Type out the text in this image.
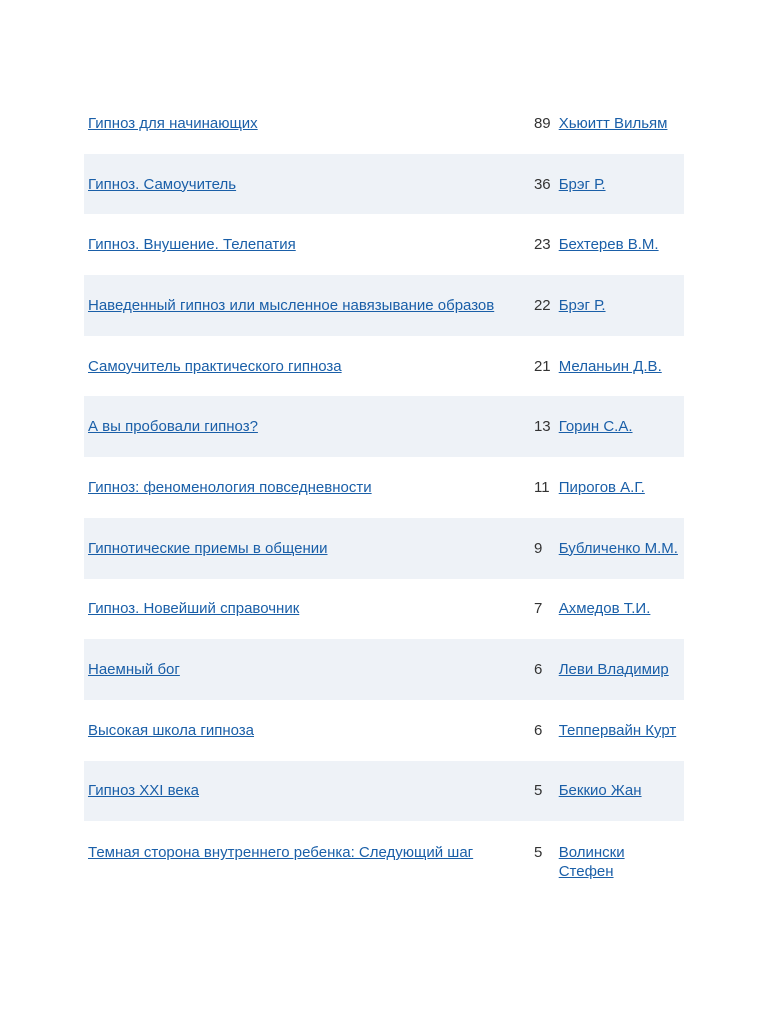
Гипноз для начинающих	89	Хьюитт Вильям
Гипноз. Самоучитель	36	Брэг Р.
Гипноз. Внушение. Телепатия	23	Бехтерев В.М.
Наведенный гипноз или мысленное навязывание образов	22	Брэг Р.
Самоучитель практического гипноза	21	Меланьин Д.В.
А вы пробовали гипноз?	13	Горин С.А.
Гипноз: феноменология повседневности	11	Пирогов А.Г.
Гипнотические приемы в общении	9	Бубличенко М.М.
Гипноз. Новейший справочник	7	Ахмедов Т.И.
Наемный бог	6	Леви Владимир
Высокая школа гипноза	6	Теппервайн Курт
Гипноз XXI века	5	Беккио Жан
Темная сторона внутреннего ребенка: Следующий шаг	5	Волински Стефен
